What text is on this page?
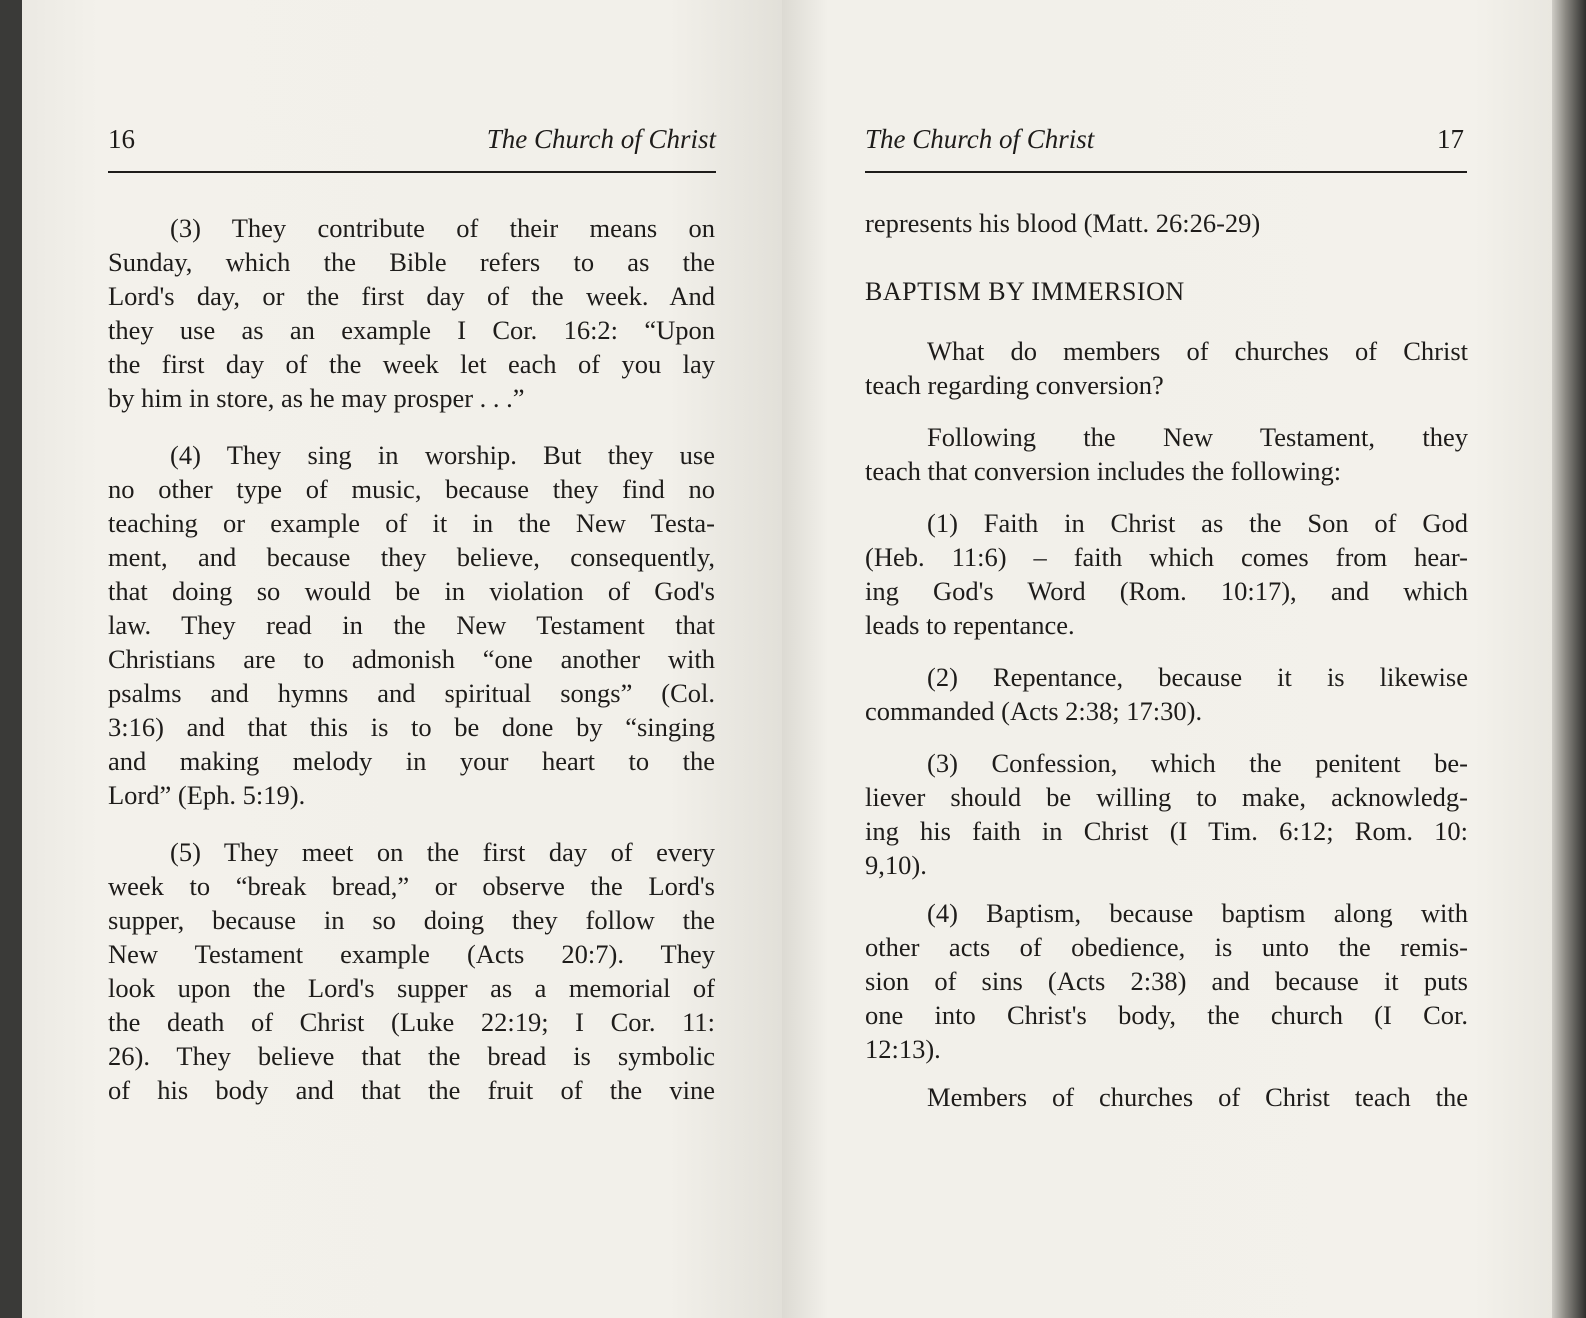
16	The Church of Christ
(3) They contribute of their means on
Sunday, which the Bible refers to as the
Lord's day, or the first day of the week. And
they use as an example I Cor. 16:2: “Upon
the first day of the week let each of you lay
by him in store, as he may prosper . . .”
(4) They sing in worship. But they use
no other type of music, because they find no
teaching or example of it in the New Testa-
ment, and because they believe, consequently,
that doing so would be in violation of God's
law. They read in the New Testament that
Christians are to admonish “one another with
psalms and hymns and spiritual songs” (Col.
3:16) and that this is to be done by “singing
and making melody in your heart to the
Lord” (Eph. 5:19).
(5) They meet on the first day of every
week to “break bread,” or observe the Lord's
supper, because in so doing they follow the
New Testament example (Acts 20:7). They
look upon the Lord's supper as a memorial of
the death of Christ (Luke 22:19; I Cor. 11:
26). They believe that the bread is symbolic
of his body and that the fruit of the vine
The Church of Christ	17
represents his blood (Matt. 26:26-29)
BAPTISM BY IMMERSION
What do members of churches of Christ
teach regarding conversion?
Following the New Testament, they
teach that conversion includes the following:
(1) Faith in Christ as the Son of God
(Heb. 11:6) – faith which comes from hear-
ing God's Word (Rom. 10:17), and which
leads to repentance.
(2) Repentance, because it is likewise
commanded (Acts 2:38; 17:30).
(3) Confession, which the penitent be-
liever should be willing to make, acknowledg-
ing his faith in Christ (I Tim. 6:12; Rom. 10:
9,10).
(4) Baptism, because baptism along with
other acts of obedience, is unto the remis-
sion of sins (Acts 2:38) and because it puts
one into Christ's body, the church (I Cor.
12:13).
Members of churches of Christ teach the
